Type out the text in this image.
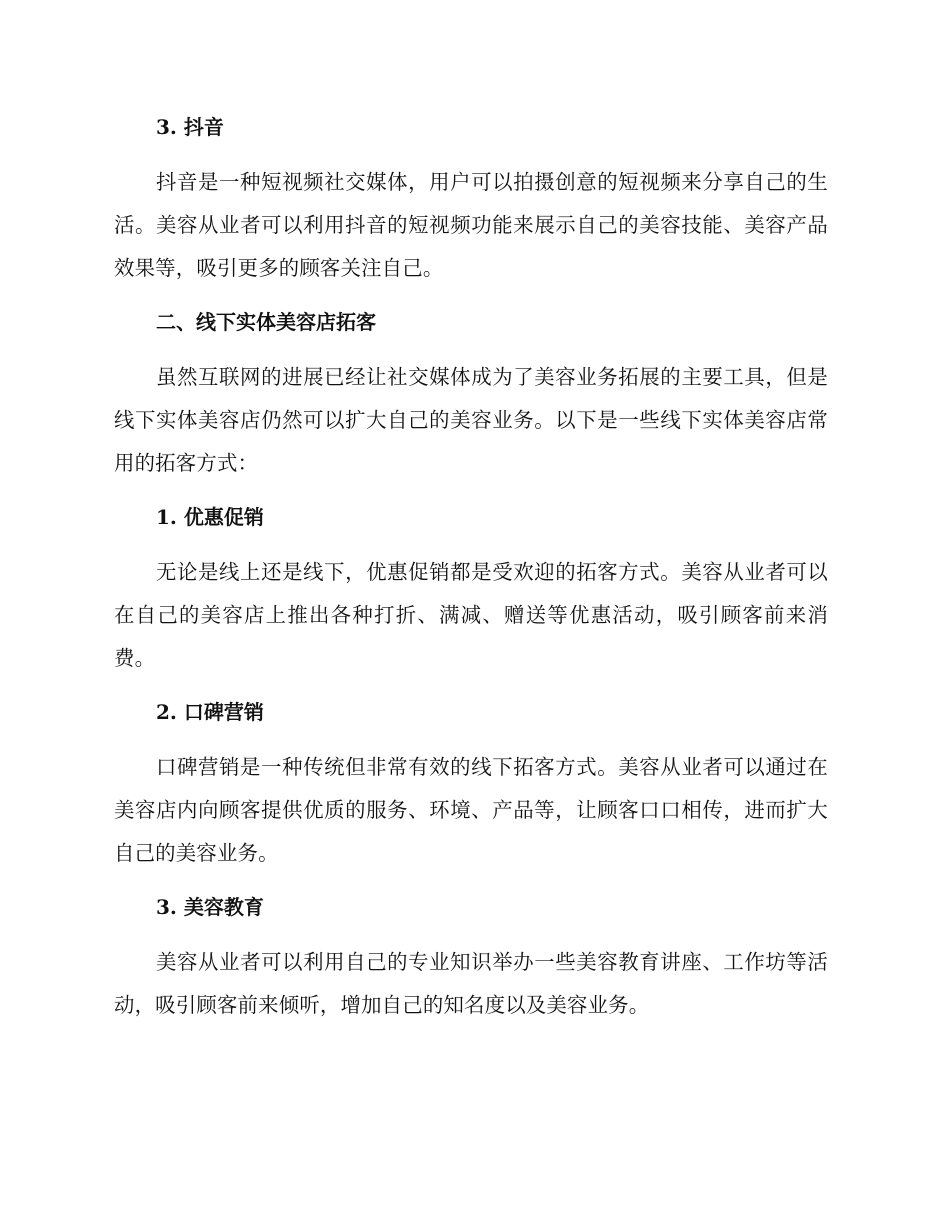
3. 抖音

抖音是一种短视频社交媒体，用户可以拍摄创意的短视频来分享自己的生活。美容从业者可以利用抖音的短视频功能来展示自己的美容技能、美容产品效果等，吸引更多的顾客关注自己。

二、线下实体美容店拓客

虽然互联网的进展已经让社交媒体成为了美容业务拓展的主要工具，但是线下实体美容店仍然可以扩大自己的美容业务。以下是一些线下实体美容店常用的拓客方式：

1. 优惠促销

无论是线上还是线下，优惠促销都是受欢迎的拓客方式。美容从业者可以在自己的美容店上推出各种打折、满减、赠送等优惠活动，吸引顾客前来消费。

2. 口碑营销

口碑营销是一种传统但非常有效的线下拓客方式。美容从业者可以通过在美容店内向顾客提供优质的服务、环境、产品等，让顾客口口相传，进而扩大自己的美容业务。

3. 美容教育

美容从业者可以利用自己的专业知识举办一些美容教育讲座、工作坊等活动，吸引顾客前来倾听，增加自己的知名度以及美容业务。
